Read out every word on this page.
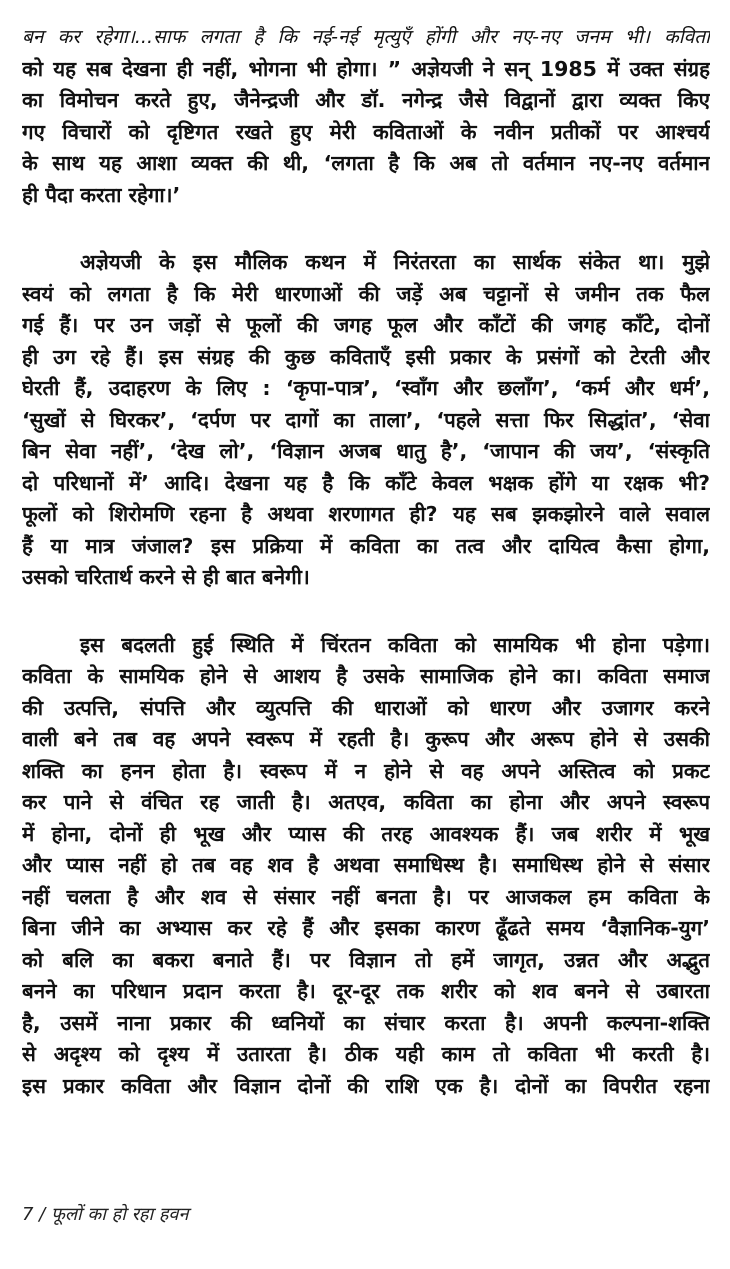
बन कर रहेगा।...साफ लगता है कि नई-नई मृत्युएँ होंगी और नए-नए जनम भी। कविता
को यह सब देखना ही नहीं, भोगना भी होगा। ” अज्ञेयजी ने सन् 1985 में उक्त संग्रह
का विमोचन करते हुए, जैनेन्द्रजी और डॉ. नगेन्द्र जैसे विद्वानों द्वारा व्यक्त किए
गए विचारों को दृष्टिगत रखते हुए मेरी कविताओं के नवीन प्रतीकों पर आश्चर्य
के साथ यह आशा व्यक्त की थी, ‘लगता है कि अब तो वर्तमान नए-नए वर्तमान
ही पैदा करता रहेगा।’
अज्ञेयजी के इस मौलिक कथन में निरंतरता का सार्थक संकेत था। मुझे
स्वयं को लगता है कि मेरी धारणाओं की जड़ें अब चट्टानों से जमीन तक फैल
गई हैं। पर उन जड़ों से फूलों की जगह फूल और काँटों की जगह काँटे, दोनों
ही उग रहे हैं। इस संग्रह की कुछ कविताएँ इसी प्रकार के प्रसंगों को टेरती और
घेरती हैं, उदाहरण के लिए : ‘कृपा-पात्र’, ‘स्वाँग और छलाँग’, ‘कर्म और धर्म’,
‘सुखों से घिरकर’, ‘दर्पण पर दागों का ताला’, ‘पहले सत्ता फिर सिद्धांत’, ‘सेवा
बिन सेवा नहीं’, ‘देख लो’, ‘विज्ञान अजब धातु है’, ‘जापान की जय’, ‘संस्कृति
दो परिधानों में’ आदि। देखना यह है कि काँटे केवल भक्षक होंगे या रक्षक भी?
फूलों को शिरोमणि रहना है अथवा शरणागत ही? यह सब झकझोरने वाले सवाल
हैं या मात्र जंजाल? इस प्रक्रिया में कविता का तत्व और दायित्व कैसा होगा,
उसको चरितार्थ करने से ही बात बनेगी।
इस बदलती हुई स्थिति में चिंरतन कविता को सामयिक भी होना पड़ेगा।
कविता के सामयिक होने से आशय है उसके सामाजिक होने का। कविता समाज
की उत्पत्ति, संपत्ति और व्युत्पत्ति की धाराओं को धारण और उजागर करने
वाली बने तब वह अपने स्वरूप में रहती है। कुरूप और अरूप होने से उसकी
शक्ति का हनन होता है। स्वरूप में न होने से वह अपने अस्तित्व को प्रकट
कर पाने से वंचित रह जाती है। अतएव, कविता का होना और अपने स्वरूप
में होना, दोनों ही भूख और प्यास की तरह आवश्यक हैं। जब शरीर में भूख
और प्यास नहीं हो तब वह शव है अथवा समाधिस्थ है। समाधिस्थ होने से संसार
नहीं चलता है और शव से संसार नहीं बनता है। पर आजकल हम कविता के
बिना जीने का अभ्यास कर रहे हैं और इसका कारण ढूँढते समय ‘वैज्ञानिक-युग’
को बलि का बकरा बनाते हैं। पर विज्ञान तो हमें जागृत, उन्नत और अद्भुत
बनने का परिधान प्रदान करता है। दूर-दूर तक शरीर को शव बनने से उबारता
है, उसमें नाना प्रकार की ध्वनियों का संचार करता है। अपनी कल्पना-शक्ति
से अदृश्य को दृश्य में उतारता है। ठीक यही काम तो कविता भी करती है।
इस प्रकार कविता और विज्ञान दोनों की राशि एक है। दोनों का विपरीत रहना
7 / फूलों का हो रहा हवन
